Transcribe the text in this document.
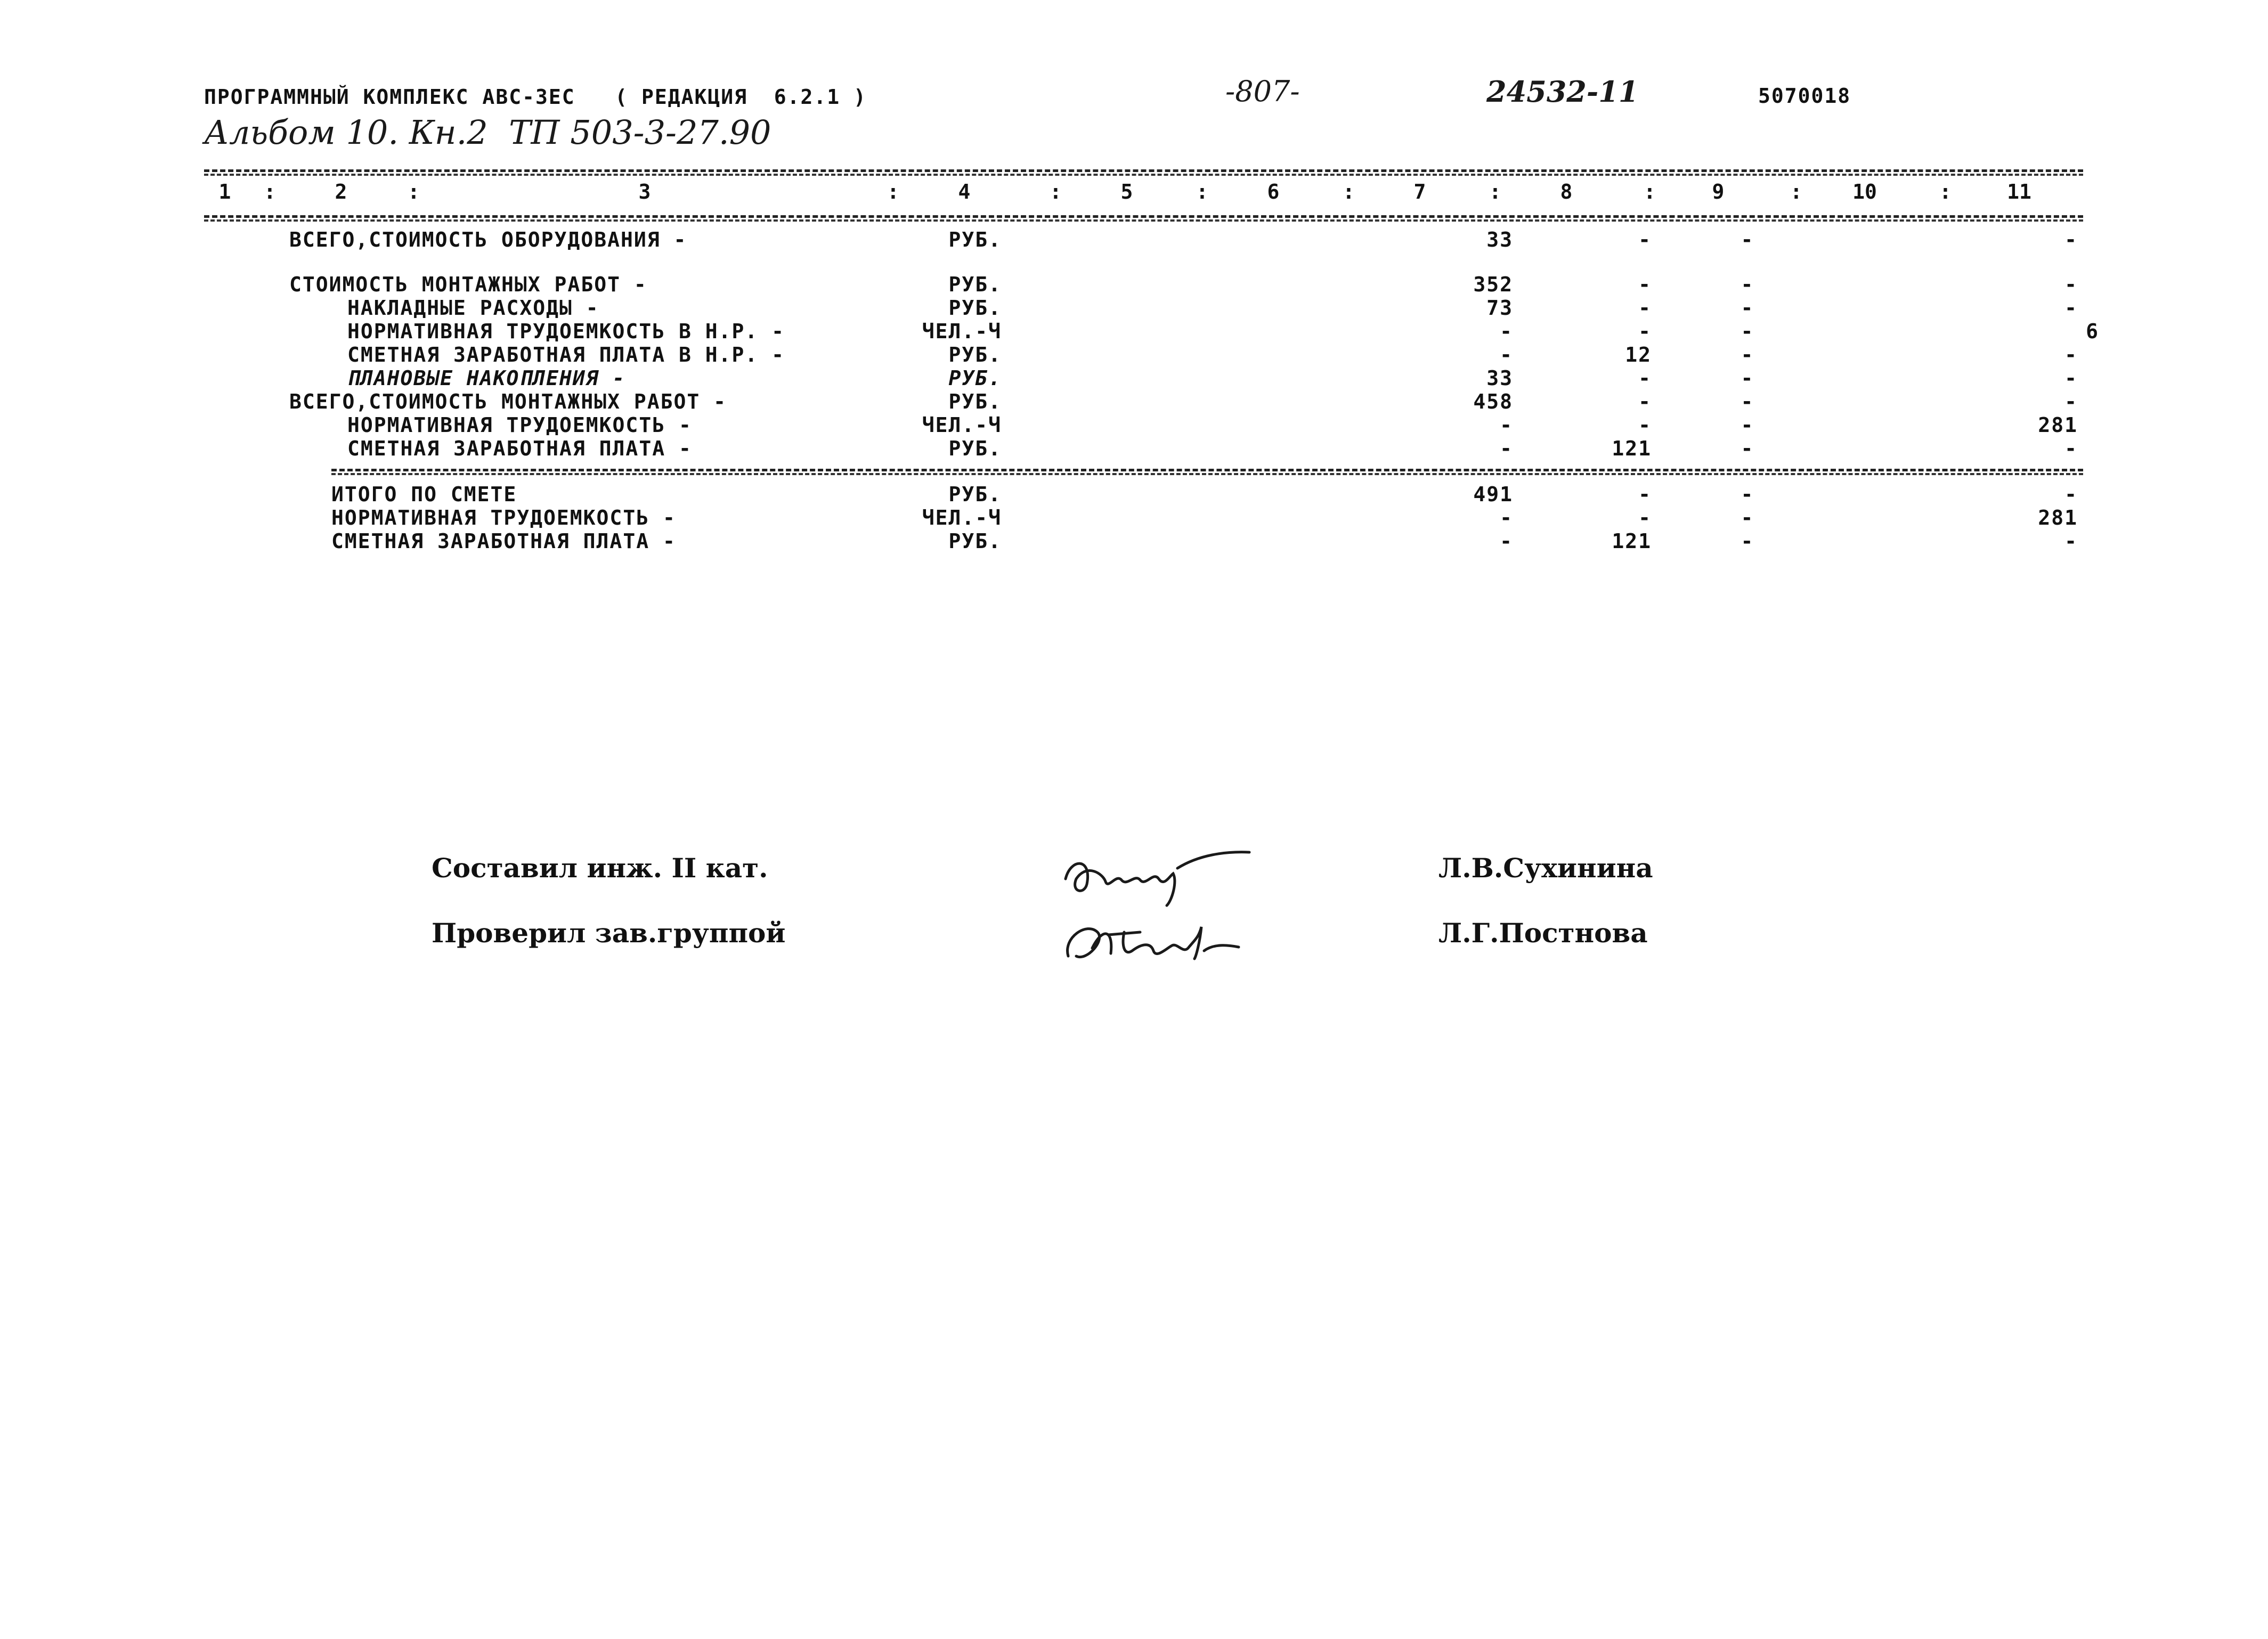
ПРОГРАММНЫЙ КОМПЛЕКС АВС-ЗЕС   ( РЕДАКЦИЯ  6.2.1 )	-807-	24532-11	5070018
Альбом 10. Кн.2  ТП 503-3-27.90
1	:	2	:	3	:	4	:	5	:	6	:	7	:	8	:	9	: 10	:	11
ВСЕГО,СТОИМОСТЬ ОБОРУДОВАНИЯ -	РУБ.	33	-	-	-
СТОИМОСТЬ МОНТАЖНЫХ РАБОТ -	РУБ.	352	-	-	-
НАКЛАДНЫЕ РАСХОДЫ -	РУБ.	73	-	-	-
НОРМАТИВНАЯ ТРУДОЕМКОСТЬ В Н.Р. -	ЧЕЛ.-Ч	-	-	-	6
СМЕТНАЯ ЗАРАБОТНАЯ ПЛАТА В Н.Р. -	РУБ.	-	12	-	-
ПЛАНОВЫЕ НАКОПЛЕНИЯ -	РУБ.	33	-	-	-
ВСЕГО,СТОИМОСТЬ МОНТАЖНЫХ РАБОТ -	РУБ.	458	-	-	-
НОРМАТИВНАЯ ТРУДОЕМКОСТЬ -	ЧЕЛ.-Ч	-	-	-	281
СМЕТНАЯ ЗАРАБОТНАЯ ПЛАТА -	РУБ.	-	121	-	-
ИТОГО ПО СМЕТЕ	РУБ.	491	-	-	-
НОРМАТИВНАЯ ТРУДОЕМКОСТЬ -	ЧЕЛ.-Ч	-	-	-	281
СМЕТНАЯ ЗАРАБОТНАЯ ПЛАТА -	РУБ.	-	121	-	-
Составил инж. II кат.	Л.В.Сухинина
Проверил зав.группой	Л.Г.Постнова
